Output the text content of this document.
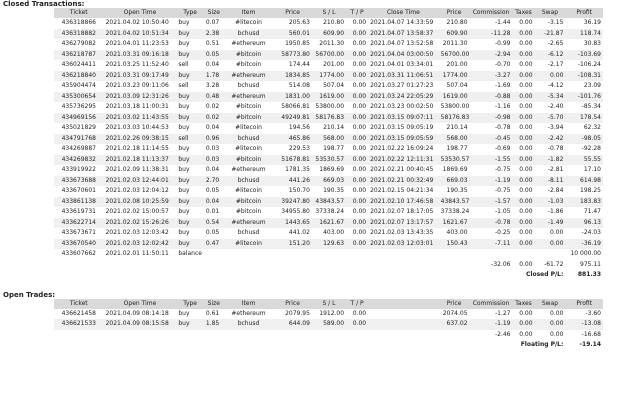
Closed Transactions:
Ticket	Open Time	Type	Size	Item	Price	S / L	T / P	Close Time	Price	Commission	Taxes	Swap	Profit
436318866	2021.04.02 10:50:40	buy	0.07	#litecoin	205.63	210.80	0.00	2021.04.07 14:33:59	210.80	-1.44	0.00	-3.15	36.19
436318882	2021.04.02 10:51:34	buy	2.38	bchusd	560.01	609.90	0.00	2021.04.07 13:58:37	609.90	-11.28	0.00	-21.87	118.74
436279082	2021.04.01 11:23:53	buy	0.51	#ethereum	1950.85	2011.30	0.00	2021.04.07 13:52:58	2011.30	-0.99	0.00	-2.65	30.83
436218787	2021.03.31 09:16:18	buy	0.05	#bitcoin	58773.80	56700.00	0.00	2021.04.04 03:00:50	56700.00	-2.94	0.00	-6.12	-103.69
436024411	2021.03.25 11:52:40	sell	0.04	#bitcoin	174.44	201.00	0.00	2021.04.01 03:34:01	201.00	-0.70	0.00	-2.17	-106.24
436218840	2021.03.31 09:17:49	buy	1.78	#ethereum	1834.85	1774.00	0.00	2021.03.31 11:06:51	1774.00	-3.27	0.00	0.00	-108.31
435904474	2021.03.23 09:11:06	sell	3.28	bchusd	514.08	507.04	0.00	2021.03.27 01:27:23	507.04	-1.69	0.00	-4.12	23.09
435300654	2021.03.09 12:31:26	buy	0.48	#ethereum	1831.00	1619.00	0.00	2021.03.24 22:05:29	1619.00	-0.88	0.00	-5.34	-101.76
435736295	2021.03.18 11:00:31	buy	0.02	#bitcoin	58066.81	53800.00	0.00	2021.03.23 00:02:50	53800.00	-1.16	0.00	-2.40	-85.34
434969156	2021.03.02 11:43:55	buy	0.02	#bitcoin	49249.81	58176.83	0.00	2021.03.15 09:07:11	58176.83	-0.98	0.00	-5.70	178.54
435021829	2021.03.03 10:44:53	buy	0.04	#litecoin	194.56	210.14	0.00	2021.03.15 09:05:19	210.14	-0.78	0.00	-3.94	62.32
434791768	2021.02.26 09:38:15	sell	0.96	bchusd	465.86	568.00	0.00	2021.03.15 09:05:59	568.00	-0.45	0.00	-2.42	-98.05
434269887	2021.02.18 11:14:55	buy	0.03	#litecoin	229.53	198.77	0.00	2021.02.22 16:09:24	198.77	-0.69	0.00	-0.78	-92.28
434269832	2021.02.18 11:13:37	buy	0.03	#bitcoin	51678.81	53530.57	0.00	2021.02.22 12:11:31	53530.57	-1.55	0.00	-1.82	55.55
433919922	2021.02.09 11:38:31	buy	0.04	#ethereum	1781.35	1869.69	0.00	2021.02.21 00:40:45	1869.69	-0.75	0.00	-2.81	17.10
433673688	2021.02.03 12:44:01	buy	2.70	bchusd	441.26	669.03	0.00	2021.02.21 00:32:49	669.03	-1.19	0.00	-8.11	614.98
433670601	2021.02.03 12:04:12	buy	0.05	#litecoin	150.70	190.35	0.00	2021.02.15 04:21:34	190.35	-0.75	0.00	-2.84	198.25
433861138	2021.02.08 10:25:59	buy	0.04	#bitcoin	39247.80	43843.57	0.00	2021.02.10 17:46:58	43843.57	-1.57	0.00	-1.03	183.83
433619731	2021.02.02 15:00:57	buy	0.01	#bitcoin	34955.80	37338.24	0.00	2021.02.07 18:17:05	37338.24	-1.05	0.00	-1.86	71.47
433622714	2021.02.02 15:26:26	buy	0.54	#ethereum	1443.65	1621.67	0.00	2021.02.07 13:17:57	1621.67	-0.78	0.00	-1.49	96.13
433673671	2021.02.03 12:03:42	buy	0.05	bchusd	441.02	403.00	0.00	2021.02.03 13:43:35	403.00	-0.25	0.00	0.00	-24.03
433670540	2021.02.03 12:02:42	buy	0.47	#litecoin	151.20	129.63	0.00	2021.02.03 12:03:01	150.43	-7.11	0.00	0.00	-36.19
433607662	2021.02.01 11:50:11	balance											10 000.00
										-32.06	0.00	-61.72	975.11
										Closed P/L:			881.33
Open Trades:
Ticket	Open Time	Type	Size	Item	Price	S / L	T / P		Price	Commission	Taxes	Swap	Profit
436621458	2021.04.09 08:14:18	buy	0.61	#ethereum	2079.95	1912.00	0.00		2074.05	-1.27	0.00	0.00	-3.60
436621533	2021.04.09 08:15:58	buy	1.85	bchusd	644.09	589.00	0.00		637.02	-1.19	0.00	0.00	-13.08
										-2.46	0.00	0.00	-16.68
										Floating P/L:			-19.14
